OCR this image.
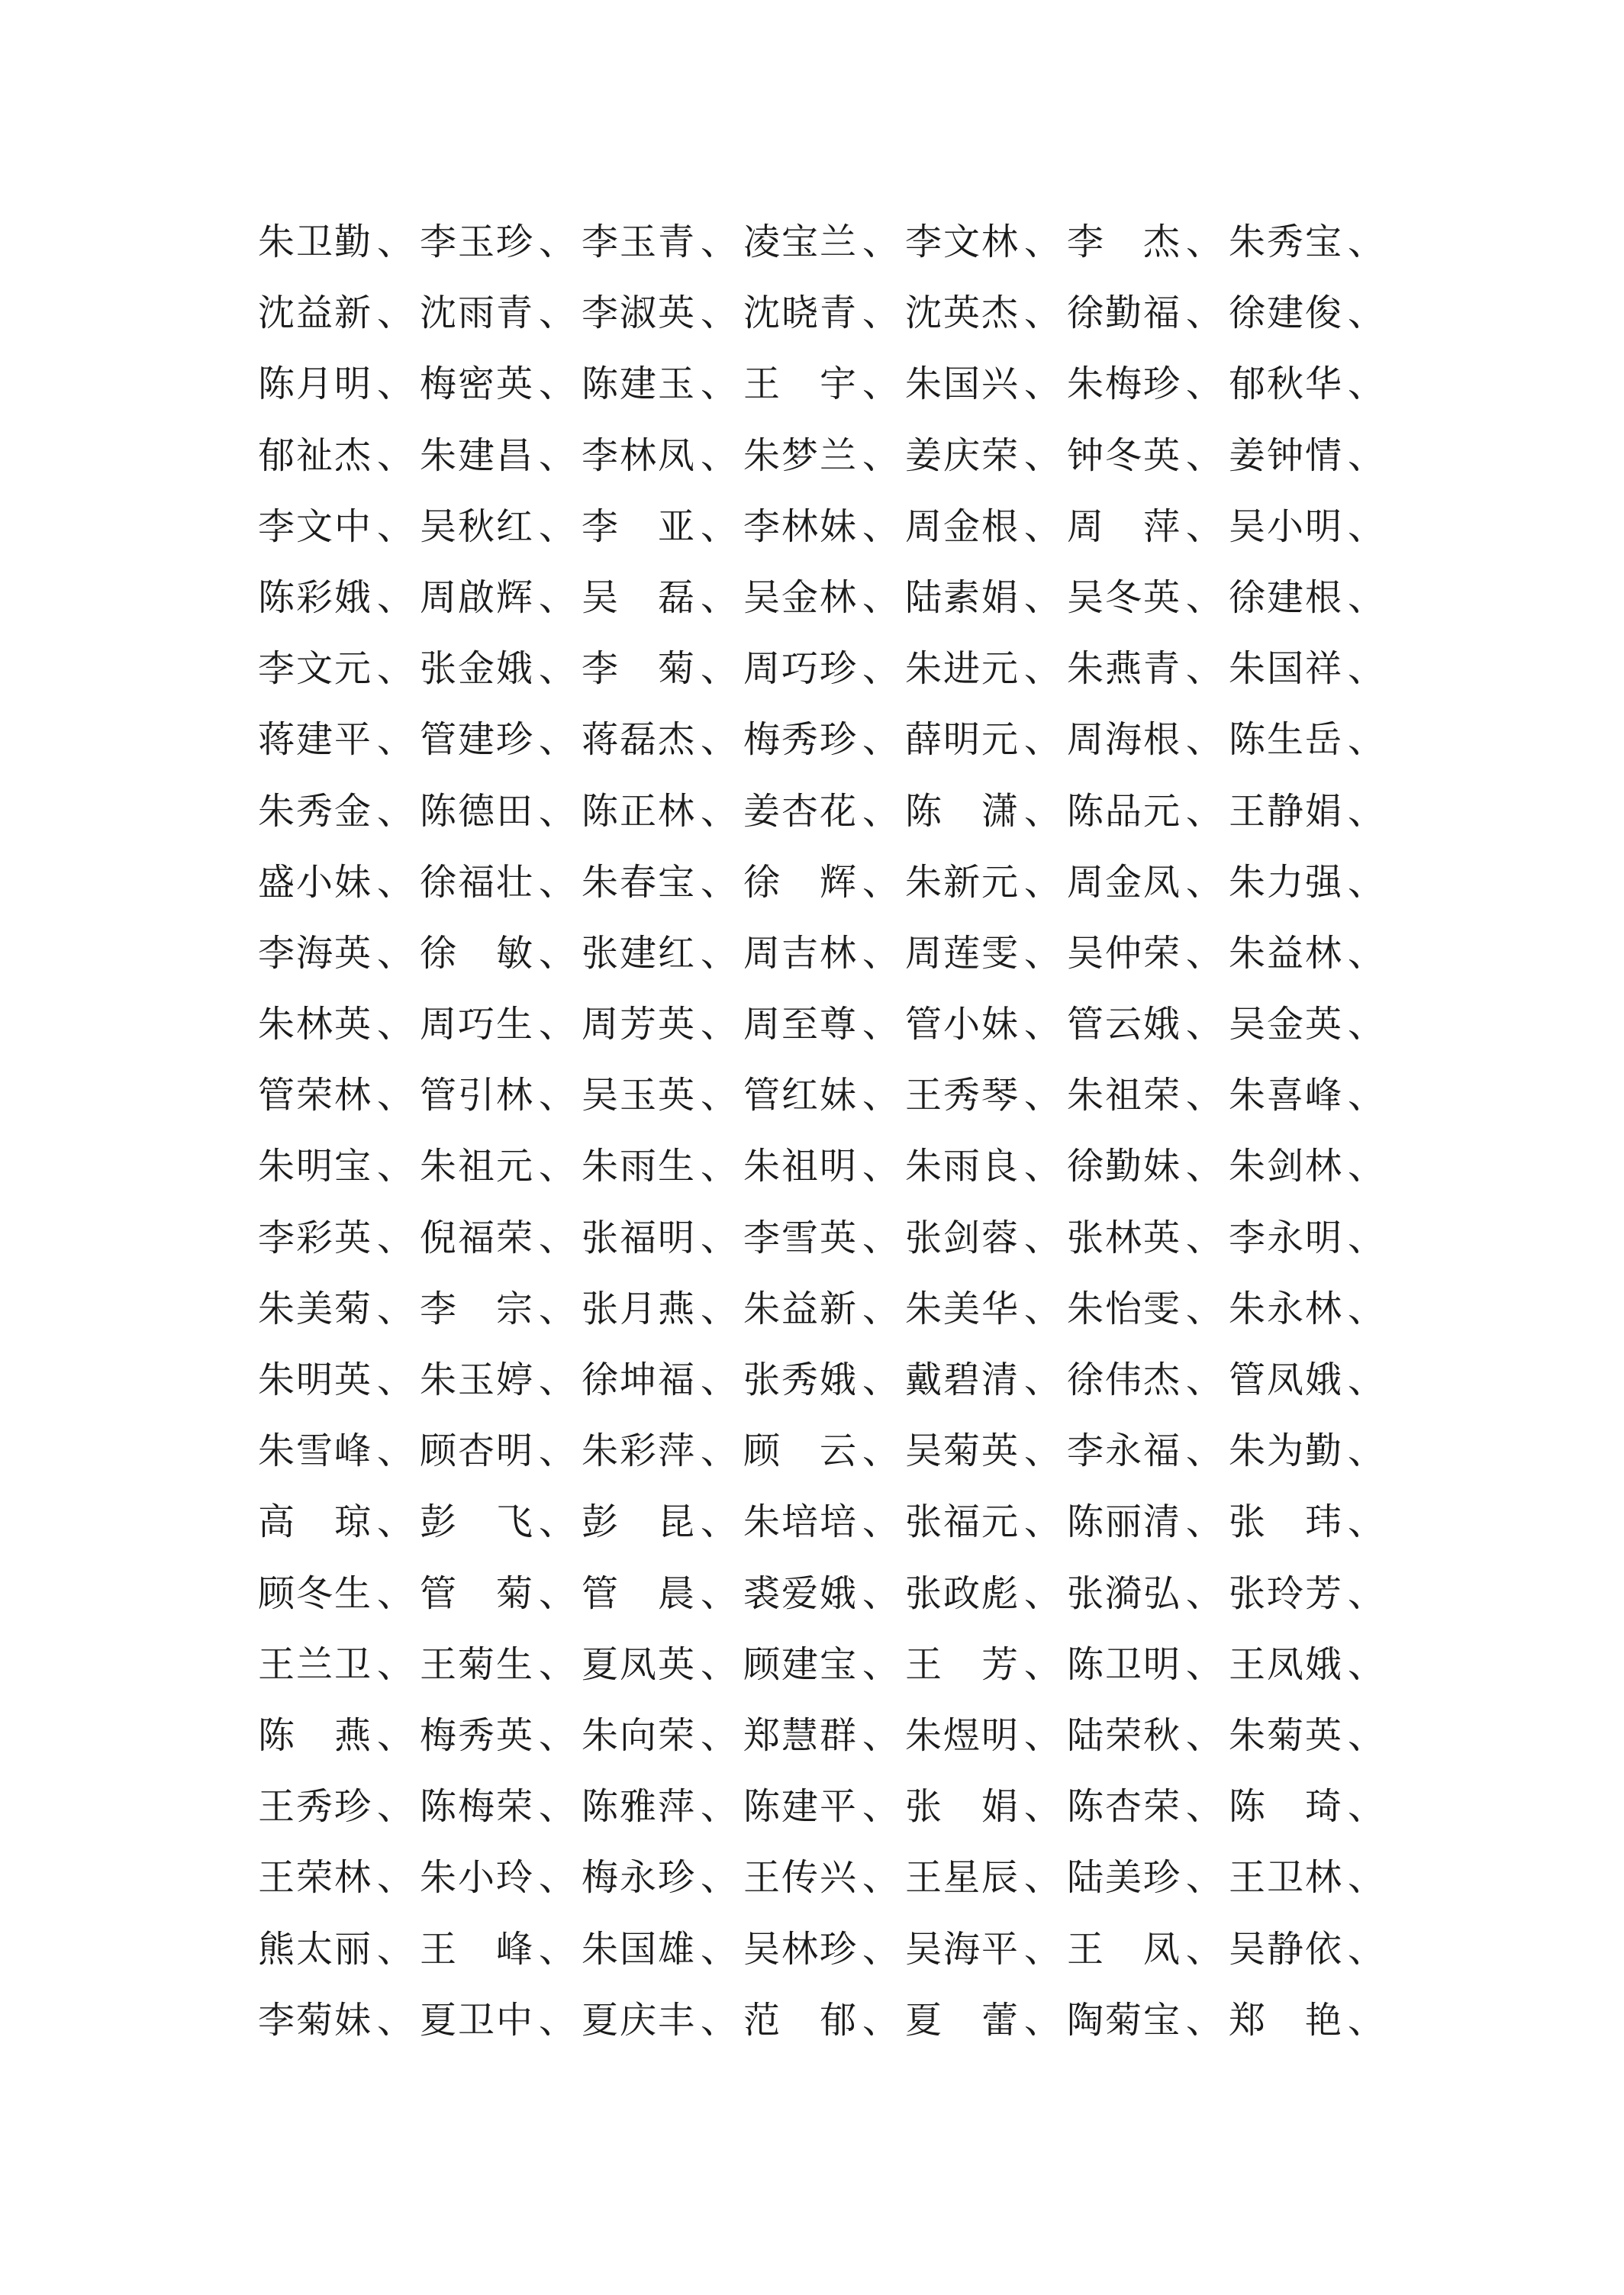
朱卫勤 、 李玉珍 、 李玉青 、 凌宝兰 、 李文林 、 李　杰 、 朱秀宝 、
沈益新 、 沈雨青 、 李淑英 、 沈晓青 、 沈英杰 、 徐勤福 、 徐建俊 、
陈月明 、 梅密英 、 陈建玉 、 王　宇 、 朱国兴 、 朱梅珍 、 郁秋华 、
郁祉杰 、 朱建昌 、 李林凤 、 朱梦兰 、 姜庆荣 、 钟冬英 、 姜钟情 、
李文中 、 吴秋红 、 李　亚 、 李林妹 、 周金根 、 周　萍 、 吴小明 、
陈彩娥 、 周啟辉 、 吴　磊 、 吴金林 、 陆素娟 、 吴冬英 、 徐建根 、
李文元 、 张金娥 、 李　菊 、 周巧珍 、 朱进元 、 朱燕青 、 朱国祥 、
蒋建平 、 管建珍 、 蒋磊杰 、 梅秀珍 、 薛明元 、 周海根 、 陈生岳 、
朱秀金 、 陈德田 、 陈正林 、 姜杏花 、 陈　潇 、 陈品元 、 王静娟 、
盛小妹 、 徐福壮 、 朱春宝 、 徐　辉 、 朱新元 、 周金凤 、 朱力强 、
李海英 、 徐　敏 、 张建红 、 周吉林 、 周莲雯 、 吴仲荣 、 朱益林 、
朱林英 、 周巧生 、 周芳英 、 周至尊 、 管小妹 、 管云娥 、 吴金英 、
管荣林 、 管引林 、 吴玉英 、 管红妹 、 王秀琴 、 朱祖荣 、 朱喜峰 、
朱明宝 、 朱祖元 、 朱雨生 、 朱祖明 、 朱雨良 、 徐勤妹 、 朱剑林 、
李彩英 、 倪福荣 、 张福明 、 李雪英 、 张剑蓉 、 张林英 、 李永明 、
朱美菊 、 李　宗 、 张月燕 、 朱益新 、 朱美华 、 朱怡雯 、 朱永林 、
朱明英 、 朱玉婷 、 徐坤福 、 张秀娥 、 戴碧清 、 徐伟杰 、 管凤娥 、
朱雪峰 、 顾杏明 、 朱彩萍 、 顾　云 、 吴菊英 、 李永福 、 朱为勤 、
高　琼 、 彭　飞 、 彭　昆 、 朱培培 、 张福元 、 陈丽清 、 张　玮 、
顾冬生 、 管　菊 、 管　晨 、 裘爱娥 、 张政彪 、 张漪弘 、 张玲芳 、
王兰卫 、 王菊生 、 夏凤英 、 顾建宝 、 王　芳 、 陈卫明 、 王凤娥 、
陈　燕 、 梅秀英 、 朱向荣 、 郑慧群 、 朱煜明 、 陆荣秋 、 朱菊英 、
王秀珍 、 陈梅荣 、 陈雅萍 、 陈建平 、 张　娟 、 陈杏荣 、 陈　琦 、
王荣林 、 朱小玲 、 梅永珍 、 王传兴 、 王星辰 、 陆美珍 、 王卫林 、
熊太丽 、 王　峰 、 朱国雄 、 吴林珍 、 吴海平 、 王　凤 、 吴静依 、
李菊妹 、 夏卫中 、 夏庆丰 、 范　郁 、 夏　蕾 、 陶菊宝 、 郑　艳 、
